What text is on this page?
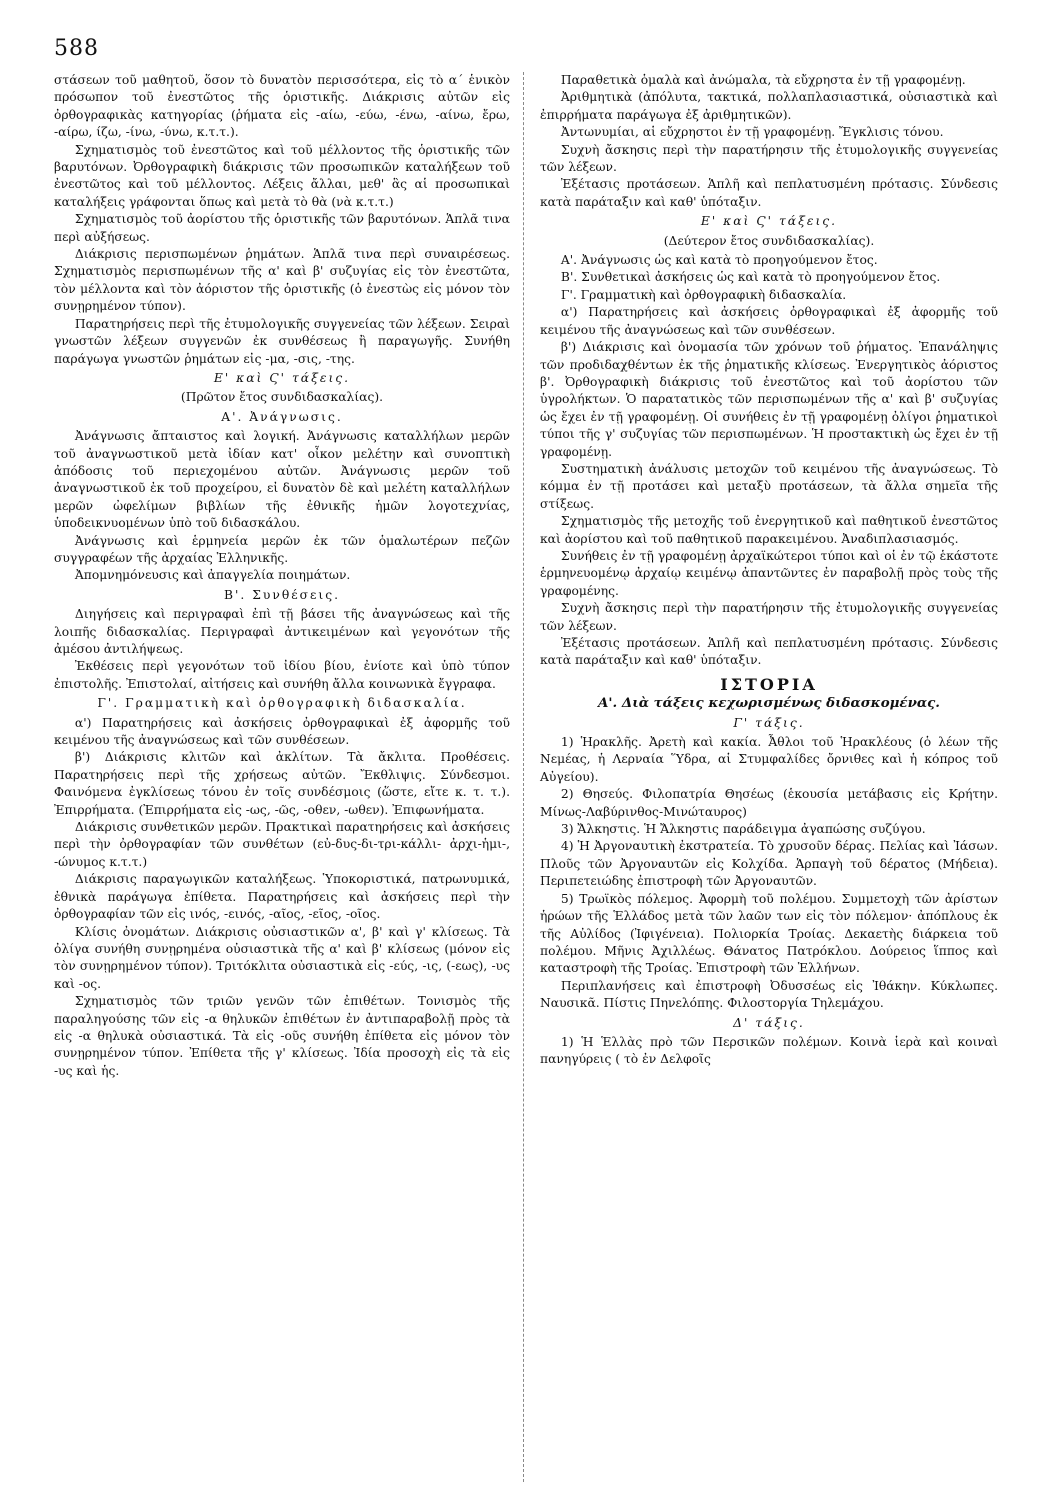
588
στάσεων τοῦ μαθητοῦ, ὅσον τὸ δυνατὸν περισσότερα, εἰς τὸ α΄ ἑνικὸν πρόσωπον τοῦ ἐνεστῶτος τῆς ὁριστικῆς. Διάκρισις αὐτῶν εἰς ὀρθογραφικὰς κατηγορίας (ῥήματα εἰς -αίω, -εύω, -ένω, -αίνω, ἔρω, -αίρω, ίζω, -ίνω, -ύνω, κ.τ.τ.).
Σχηματισμὸς τοῦ ἐνεστῶτος καὶ τοῦ μέλλοντος τῆς ὁριστικῆς τῶν βαρυτόνων. Ὀρθογραφικὴ διάκρισις τῶν προσωπικῶν καταλήξεων τοῦ ἐνεστῶτος καὶ τοῦ μέλλοντος. Λέξεις ἄλλαι, μεθ' ἃς αἱ προσωπικαὶ καταλήξεις γράφονται ὅπως καὶ μετὰ τὸ θὰ (νὰ κ.τ.τ.)
Σχηματισμὸς τοῦ ἀορίστου τῆς ὁριστικῆς τῶν βαρυτόνων. Ἁπλᾶ τινα περὶ αὐξήσεως.
Διάκρισις περισπωμένων ῥημάτων. Ἁπλᾶ τινα περὶ συναιρέσεως. Σχηματισμὸς περισπωμένων τῆς α' καὶ β' συζυγίας εἰς τὸν ἐνεστῶτα, τὸν μέλλοντα καὶ τὸν ἀόριστον τῆς ὁριστικῆς (ὁ ἐνεστὼς εἰς μόνον τὸν συνῃρημένον τύπον).
Παρατηρήσεις περὶ τῆς ἐτυμολογικῆς συγγενείας τῶν λέξεων. Σειραὶ γνωστῶν λέξεων συγγενῶν ἐκ συνθέσεως ἢ παραγωγῆς. Συνήθη παράγωγα γνωστῶν ῥημάτων εἰς -μα, -σις, -της.
Ε' καὶ Ϛ' τάξεις.
(Πρῶτον ἔτος συνδιδασκαλίας).
Α'. Ἀνάγνωσις.
Ἀνάγνωσις ἄπταιστος καὶ λογική. Ἀνάγνωσις καταλλήλων μερῶν τοῦ ἀναγνωστικοῦ μετὰ ἰδίαν κατ' οἶκον μελέτην καὶ συνοπτικὴ ἀπόδοσις τοῦ περιεχομένου αὐτῶν. Ἀνάγνωσις μερῶν τοῦ ἀναγνωστικοῦ ἐκ τοῦ προχείρου, εἰ δυνατὸν δὲ καὶ μελέτη καταλλήλων μερῶν ὠφελίμων βιβλίων τῆς ἐθνικῆς ἡμῶν λογοτεχνίας, ὑποδεικνυομένων ὑπὸ τοῦ διδασκάλου.
Ἀνάγνωσις καὶ ἑρμηνεία μερῶν ἐκ τῶν ὁμαλωτέρων πεζῶν συγγραφέων τῆς ἀρχαίας Ἑλληνικῆς.
Ἀπομνημόνευσις καὶ ἀπαγγελία ποιημάτων.
Β'. Συνθέσεις.
Διηγήσεις καὶ περιγραφαὶ ἐπὶ τῇ βάσει τῆς ἀναγνώσεως καὶ τῆς λοιπῆς διδασκαλίας. Περιγραφαὶ ἀντικειμένων καὶ γεγονότων τῆς ἀμέσου ἀντιλήψεως.
Ἐκθέσεις περὶ γεγονότων τοῦ ἰδίου βίου, ἐνίοτε καὶ ὑπὸ τύπον ἐπιστολῆς. Ἐπιστολαί, αἰτήσεις καὶ συνήθη ἄλλα κοινωνικὰ ἔγγραφα.
Γ'. Γραμματικὴ καὶ ὀρθογραφικὴ διδασκαλία.
α') Παρατηρήσεις καὶ ἀσκήσεις ὀρθογραφικαὶ ἐξ ἀφορμῆς τοῦ κειμένου τῆς ἀναγνώσεως καὶ τῶν συνθέσεων.
β') Διάκρισις κλιτῶν καὶ ἀκλίτων. Τὰ ἄκλιτα. Προθέσεις. Παρατηρήσεις περὶ τῆς χρήσεως αὐτῶν. Ἔκθλιψις. Σύνδεσμοι. Φαινόμενα ἐγκλίσεως τόνου ἐν τοῖς συνδέσμοις (ὥστε, εἴτε κ. τ. τ.). Ἐπιρρήματα. (Ἐπιρρήματα εἰς -ως, -ῶς, -οθεν, -ωθεν). Ἐπιφωνήματα.
Διάκρισις συνθετικῶν μερῶν. Πρακτικαὶ παρατηρήσεις καὶ ἀσκήσεις περὶ τὴν ὀρθογραφίαν τῶν συνθέτων (εὐ-δυς-δι-τρι-κάλλι- ἀρχι-ἡμι-, -ώνυμος κ.τ.τ.)
Διάκρισις παραγωγικῶν καταλήξεως. Ὑποκοριστικά, πατρωνυμικά, ἐθνικὰ παράγωγα ἐπίθετα. Παρατηρήσεις καὶ ἀσκήσεις περὶ τὴν ὀρθογραφίαν τῶν εἰς ινός, -εινός, -αῖος, -εῖος, -οῖος.
Κλίσις ὀνομάτων. Διάκρισις οὐσιαστικῶν α', β' καὶ γ' κλίσεως. Τὰ ὀλίγα συνήθη συνῃρημένα οὐσιαστικὰ τῆς α' καὶ β' κλίσεως (μόνον εἰς τὸν συνῃρημένον τύπον). Τριτόκλιτα οὐσιαστικὰ εἰς -εύς, -ις, (-εως), -υς καὶ -ος.
Σχηματισμὸς τῶν τριῶν γενῶν τῶν ἐπιθέτων. Τονισμὸς τῆς παραληγούσης τῶν εἰς -α θηλυκῶν ἐπιθέτων ἐν ἀντιπαραβολῇ πρὸς τὰ εἰς -α θηλυκὰ οὐσιαστικά. Τὰ εἰς -οῦς συνήθη ἐπίθετα εἰς μόνον τὸν συνῃρημένον τύπον. Ἐπίθετα τῆς γ' κλίσεως. Ἰδία προσοχὴ εἰς τὰ εἰς -υς καὶ ἡς.
Παραθετικὰ ὁμαλὰ καὶ ἀνώμαλα, τὰ εὔχρηστα ἐν τῇ γραφομένῃ.
Ἀριθμητικὰ (ἀπόλυτα, τακτικά, πολλαπλασιαστικά, οὐσιαστικὰ καὶ ἐπιρρήματα παράγωγα ἐξ ἀριθμητικῶν).
Ἀντωνυμίαι, αἱ εὔχρηστοι ἐν τῇ γραφομένῃ. Ἔγκλισις τόνου.
Συχνὴ ἄσκησις περὶ τὴν παρατήρησιν τῆς ἐτυμολογικῆς συγγενείας τῶν λέξεων.
Ἐξέτασις προτάσεων. Ἁπλῆ καὶ πεπλατυσμένη πρότασις. Σύνδεσις κατὰ παράταξιν καὶ καθ' ὑπόταξιν.
Ε' καὶ Ϛ' τάξεις.
(Δεύτερον ἔτος συνδιδασκαλίας).
Α'. Ἀνάγνωσις ὡς καὶ κατὰ τὸ προηγούμενον ἔτος.
Β'. Συνθετικαὶ ἀσκήσεις ὡς καὶ κατὰ τὸ προηγούμενον ἔτος.
Γ'. Γραμματικὴ καὶ ὀρθογραφικὴ διδασκαλία.
α') Παρατηρήσεις καὶ ἀσκήσεις ὀρθογραφικαὶ ἐξ ἀφορμῆς τοῦ κειμένου τῆς ἀναγνώσεως καὶ τῶν συνθέσεων.
β') Διάκρισις καὶ ὀνομασία τῶν χρόνων τοῦ ῥήματος. Ἐπανάληψις τῶν προδιδαχθέντων ἐκ τῆς ῥηματικῆς κλίσεως. Ἐνεργητικὸς ἀόριστος β'. Ὀρθογραφικὴ διάκρισις τοῦ ἐνεστῶτος καὶ τοῦ ἀορίστου τῶν ὑγρολήκτων. Ὁ παρατατικὸς τῶν περισπωμένων τῆς α' καὶ β' συζυγίας ὡς ἔχει ἐν τῇ γραφομένῃ. Οἱ συνήθεις ἐν τῇ γραφομένῃ ὀλίγοι ῥηματικοὶ τύποι τῆς γ' συζυγίας τῶν περισπωμένων. Ἡ προστακτικὴ ὡς ἔχει ἐν τῇ γραφομένῃ.
Συστηματικὴ ἀνάλυσις μετοχῶν τοῦ κειμένου τῆς ἀναγνώσεως. Τὸ κόμμα ἐν τῇ προτάσει καὶ μεταξὺ προτάσεων, τὰ ἄλλα σημεῖα τῆς στίξεως.
Σχηματισμὸς τῆς μετοχῆς τοῦ ἐνεργητικοῦ καὶ παθητικοῦ ἐνεστῶτος καὶ ἀορίστου καὶ τοῦ παθητικοῦ παρακειμένου. Ἀναδιπλασιασμός.
Συνήθεις ἐν τῇ γραφομένῃ ἀρχαϊκώτεροι τύποι καὶ οἱ ἐν τῷ ἑκάστοτε ἑρμηνευομένῳ ἀρχαίῳ κειμένῳ ἀπαντῶντες ἐν παραβολῇ πρὸς τοὺς τῆς γραφομένης.
Συχνὴ ἄσκησις περὶ τὴν παρατήρησιν τῆς ἐτυμολογικῆς συγγενείας τῶν λέξεων.
Ἐξέτασις προτάσεων. Ἁπλῆ καὶ πεπλατυσμένη πρότασις. Σύνδεσις κατὰ παράταξιν καὶ καθ' ὑπόταξιν.
ΙΣΤΟΡΙΑ
Α'. Διὰ τάξεις κεχωρισμένως διδασκομένας.
Γ' τάξις.
1) Ἡρακλῆς. Ἀρετὴ καὶ κακία. Ἆθλοι τοῦ Ἡρακλέους (ὁ λέων τῆς Νεμέας, ἡ Λερναία Ὕδρα, αἱ Στυμφαλίδες ὄρνιθες καὶ ἡ κόπρος τοῦ Αὐγείου).
2) Θησεύς. Φιλοπατρία Θησέως (ἑκουσία μετάβασις εἰς Κρήτην. Μίνως-Λαβύρινθος-Μινώταυρος)
3) Ἄλκηστις. Ἡ Ἄλκηστις παράδειγμα ἀγαπώσης συζύγου.
4) Ἡ Ἀργοναυτικὴ ἐκστρατεία. Τὸ χρυσοῦν δέρας. Πελίας καὶ Ἰάσων. Πλοῦς τῶν Ἀργοναυτῶν εἰς Κολχίδα. Ἁρπαγὴ τοῦ δέρατος (Μήδεια). Περιπετειώδης ἐπιστροφὴ τῶν Ἀργοναυτῶν.
5) Τρωϊκὸς πόλεμος. Ἀφορμὴ τοῦ πολέμου. Συμμετοχὴ τῶν ἀρίστων ἡρώων τῆς Ἑλλάδος μετὰ τῶν λαῶν των εἰς τὸν πόλεμον· ἀπόπλους ἐκ τῆς Αὐλίδος (Ἰφιγένεια). Πολιορκία Τροίας. Δεκαετὴς διάρκεια τοῦ πολέμου. Μῆνις Ἀχιλλέως. Θάνατος Πατρόκλου. Δούρειος ἵππος καὶ καταστροφὴ τῆς Τροίας. Ἐπιστροφὴ τῶν Ἑλλήνων.
Περιπλανήσεις καὶ ἐπιστροφὴ Ὀδυσσέως εἰς Ἰθάκην. Κύκλωπες. Ναυσικᾶ. Πίστις Πηνελόπης. Φιλοστοργία Τηλεμάχου.
Δ' τάξις.
1) Ἡ Ἑλλὰς πρὸ τῶν Περσικῶν πολέμων. Κοινὰ ἱερὰ καὶ κοιναὶ πανηγύρεις ( τὸ ἐν Δελφοῖς
